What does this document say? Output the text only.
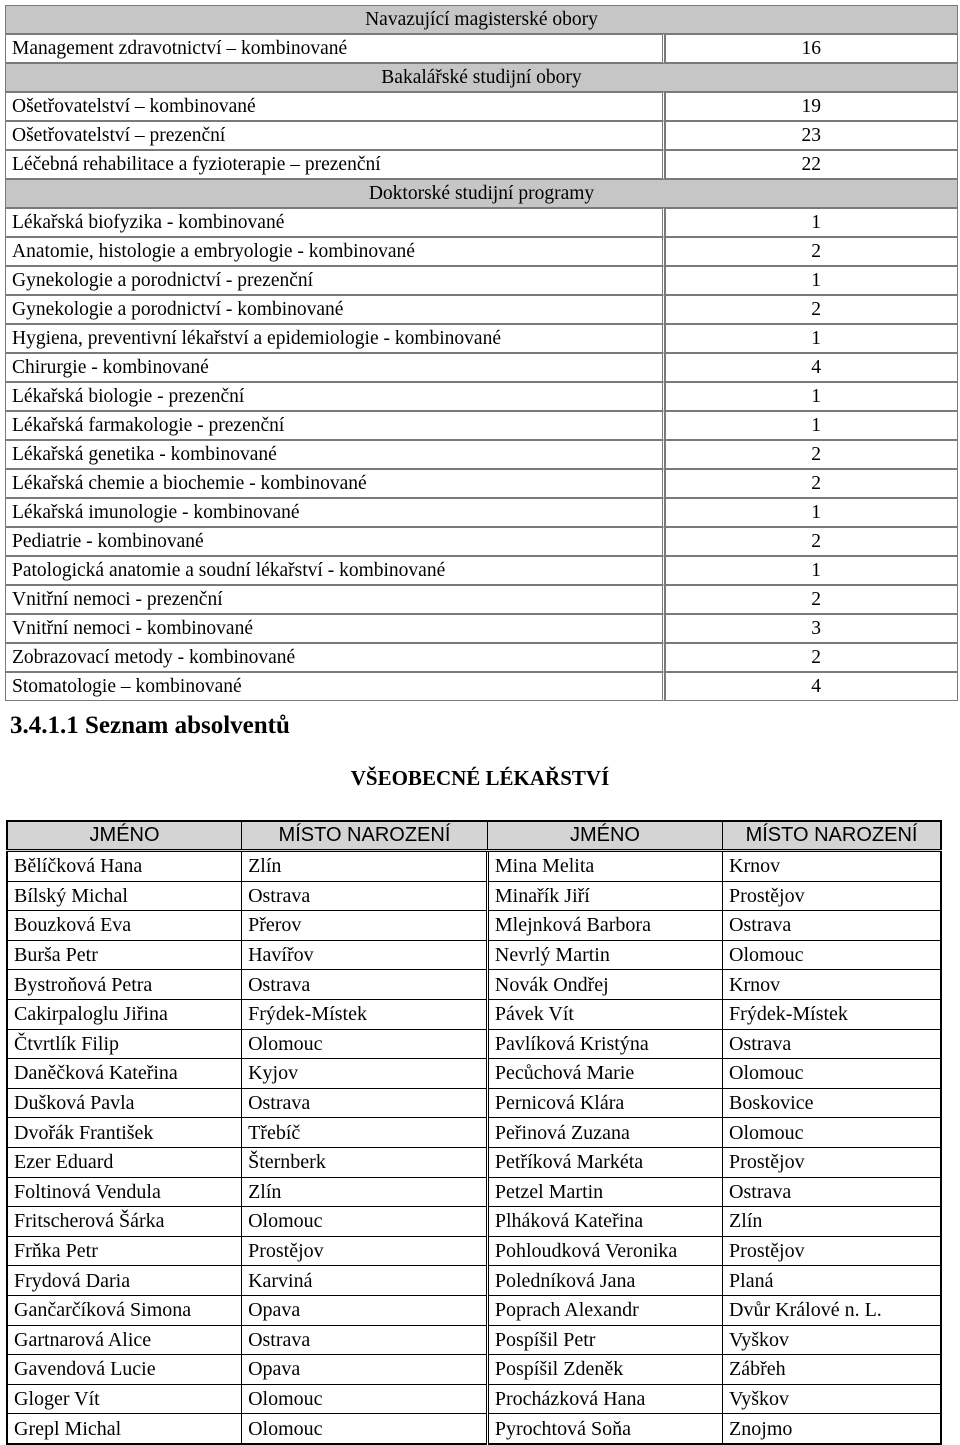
Navazující magisterské obory	
Management zdravotnictví – kombinované	16
Bakalářské studijní obory	
Ošetřovatelství – kombinované	19
Ošetřovatelství – prezenční	23
Léčebná rehabilitace a fyzioterapie – prezenční	22
Doktorské studijní programy	
Lékařská biofyzika - kombinované	1
Anatomie, histologie a embryologie - kombinované	2
Gynekologie a porodnictví - prezenční	1
Gynekologie a porodnictví - kombinované	2
Hygiena, preventivní lékařství a epidemiologie - kombinované	1
Chirurgie - kombinované	4
Lékařská biologie - prezenční	1
Lékařská farmakologie - prezenční	1
Lékařská genetika - kombinované	2
Lékařská chemie a biochemie - kombinované	2
Lékařská imunologie - kombinované	1
Pediatrie - kombinované	2
Patologická anatomie a soudní lékařství - kombinované	1
Vnitřní nemoci - prezenční	2
Vnitřní nemoci - kombinované	3
Zobrazovací metody - kombinované	2
Stomatologie – kombinované	4
3.4.1.1 Seznam absolventů
VŠEOBECNÉ LÉKAŘSTVÍ
JMÉNO	MÍSTO NAROZENÍ	JMÉNO	MÍSTO NAROZENÍ
Bělíčková Hana	Zlín	Mina Melita	Krnov
Bílský Michal	Ostrava	Minařík Jiří	Prostějov
Bouzková Eva	Přerov	Mlejnková Barbora	Ostrava
Burša Petr	Havířov	Nevrlý Martin	Olomouc
Bystroňová Petra	Ostrava	Novák Ondřej	Krnov
Cakirpaloglu Jiřina	Frýdek-Místek	Pávek Vít	Frýdek-Místek
Čtvrtlík Filip	Olomouc	Pavlíková Kristýna	Ostrava
Daněčková Kateřina	Kyjov	Pecůchová Marie	Olomouc
Dušková Pavla	Ostrava	Pernicová Klára	Boskovice
Dvořák František	Třebíč	Peřinová Zuzana	Olomouc
Ezer Eduard	Šternberk	Petříková Markéta	Prostějov
Foltinová Vendula	Zlín	Petzel Martin	Ostrava
Fritscherová Šárka	Olomouc	Plháková Kateřina	Zlín
Frňka Petr	Prostějov	Pohloudková Veronika	Prostějov
Frydová Daria	Karviná	Poledníková Jana	Planá
Gančarčíková Simona	Opava	Poprach Alexandr	Dvůr Králové n. L.
Gartnarová Alice	Ostrava	Pospíšil Petr	Vyškov
Gavendová Lucie	Opava	Pospíšil Zdeněk	Zábřeh
Gloger Vít	Olomouc	Procházková Hana	Vyškov
Grepl Michal	Olomouc	Pyrochtová Soňa	Znojmo
